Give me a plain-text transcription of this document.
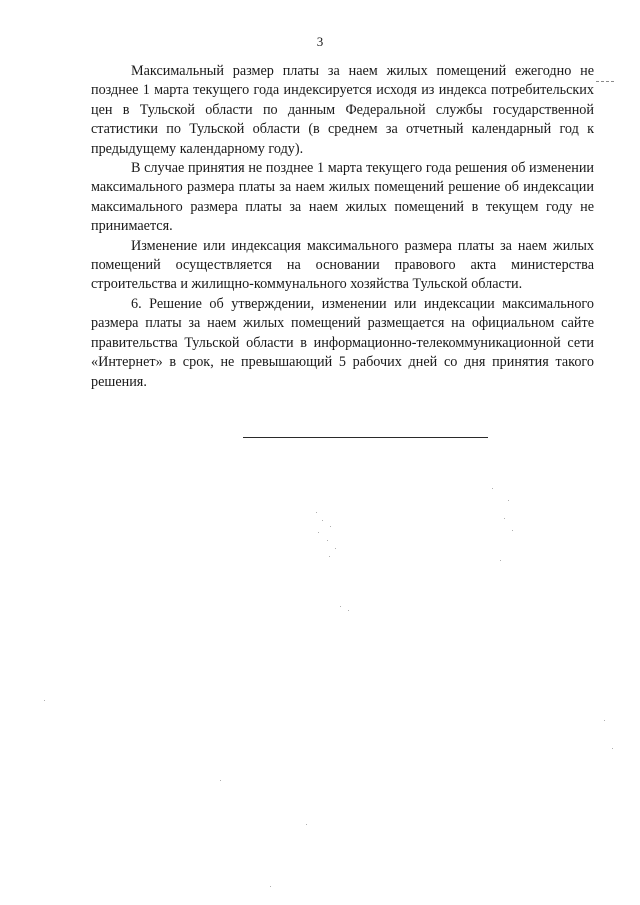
3

Максимальный размер платы за наем жилых помещений ежегодно не позднее 1 марта текущего года индексируется исходя из индекса потребительских цен в Тульской области по данным Федеральной службы государственной статистики по Тульской области (в среднем за отчетный календарный год к предыдущему календарному году).

В случае принятия не позднее 1 марта текущего года решения об изменении максимального размера платы за наем жилых помещений решение об индексации максимального размера платы за наем жилых помещений в текущем году не принимается.

Изменение или индексация максимального размера платы за наем жилых помещений осуществляется на основании правового акта министерства строительства и жилищно-коммунального хозяйства Тульской области.

6. Решение об утверждении, изменении или индексации максимального размера платы за наем жилых помещений размещается на официальном сайте правительства Тульской области в информационно-телекоммуникационной сети «Интернет» в срок, не превышающий 5 рабочих дней со дня принятия такого решения.
